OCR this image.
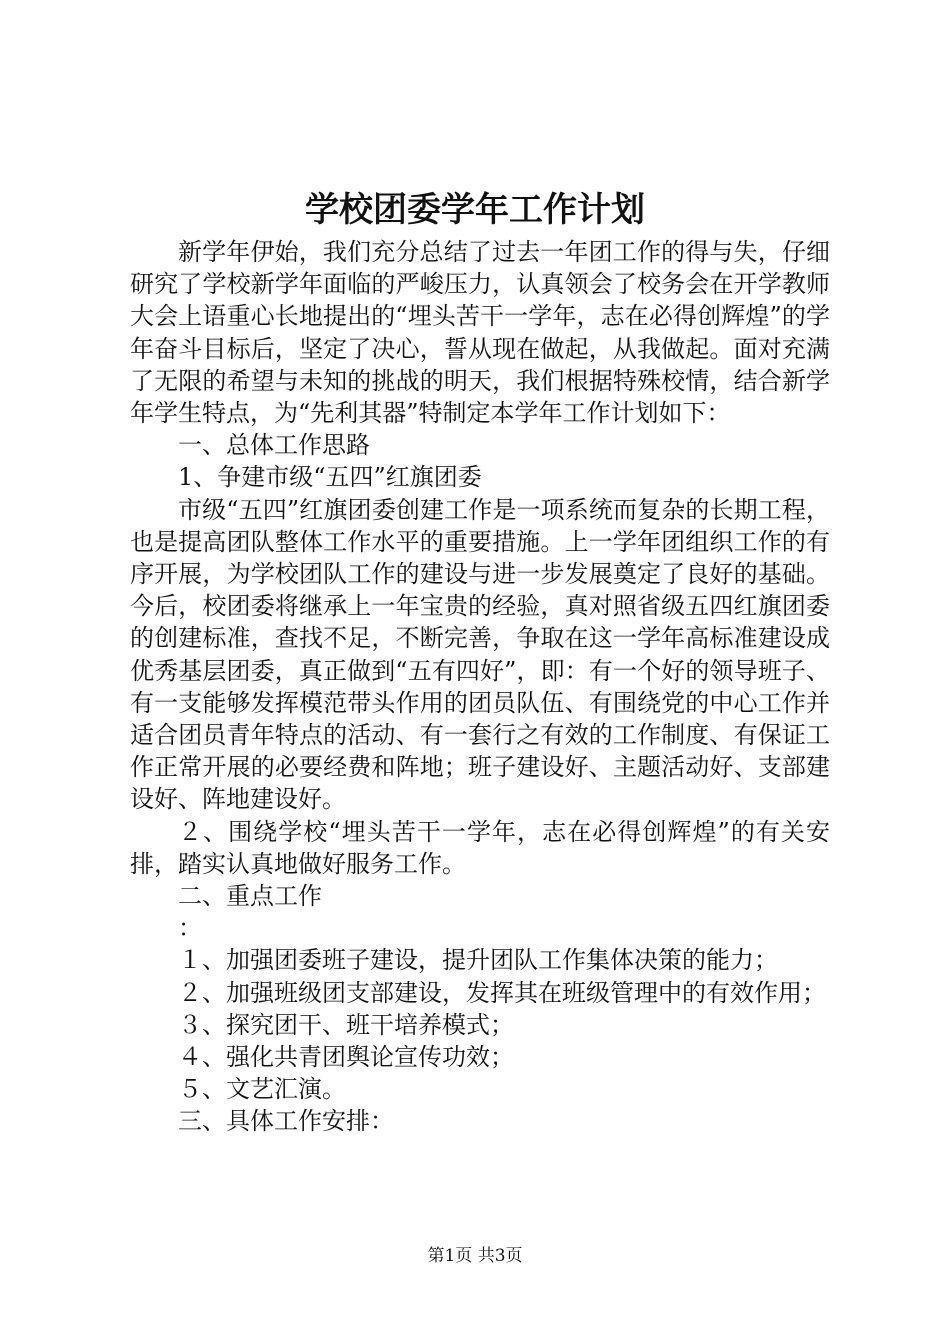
学校团委学年工作计划

新学年伊始，我们充分总结了过去一年团工作的得与失，仔细研究了学校新学年面临的严峻压力，认真领会了校务会在开学教师大会上语重心长地提出的“埋头苦干一学年，志在必得创辉煌”的学年奋斗目标后，坚定了决心，誓从现在做起，从我做起。面对充满了无限的希望与未知的挑战的明天，我们根据特殊校情，结合新学年学生特点，为“先利其器”特制定本学年工作计划如下：

一、总体工作思路

1、争建市级“五四”红旗团委

市级“五四”红旗团委创建工作是一项系统而复杂的长期工程，也是提高团队整体工作水平的重要措施。上一学年团组织工作的有序开展，为学校团队工作的建设与进一步发展奠定了良好的基础。今后，校团委将继承上一年宝贵的经验，真对照省级五四红旗团委的创建标准，查找不足，不断完善，争取在这一学年高标准建设成优秀基层团委，真正做到“五有四好”，即：有一个好的领导班子、有一支能够发挥模范带头作用的团员队伍、有围绕党的中心工作并适合团员青年特点的活动、有一套行之有效的工作制度、有保证工作正常开展的必要经费和阵地；班子建设好、主题活动好、支部建设好、阵地建设好。

２、围绕学校“埋头苦干一学年，志在必得创辉煌”的有关安排，踏实认真地做好服务工作。

二、重点工作

：

１、加强团委班子建设，提升团队工作集体决策的能力；

２、加强班级团支部建设，发挥其在班级管理中的有效作用；

３、探究团干、班干培养模式；

４、强化共青团舆论宣传功效；

５、文艺汇演。

三、具体工作安排：

第1页 共3页
